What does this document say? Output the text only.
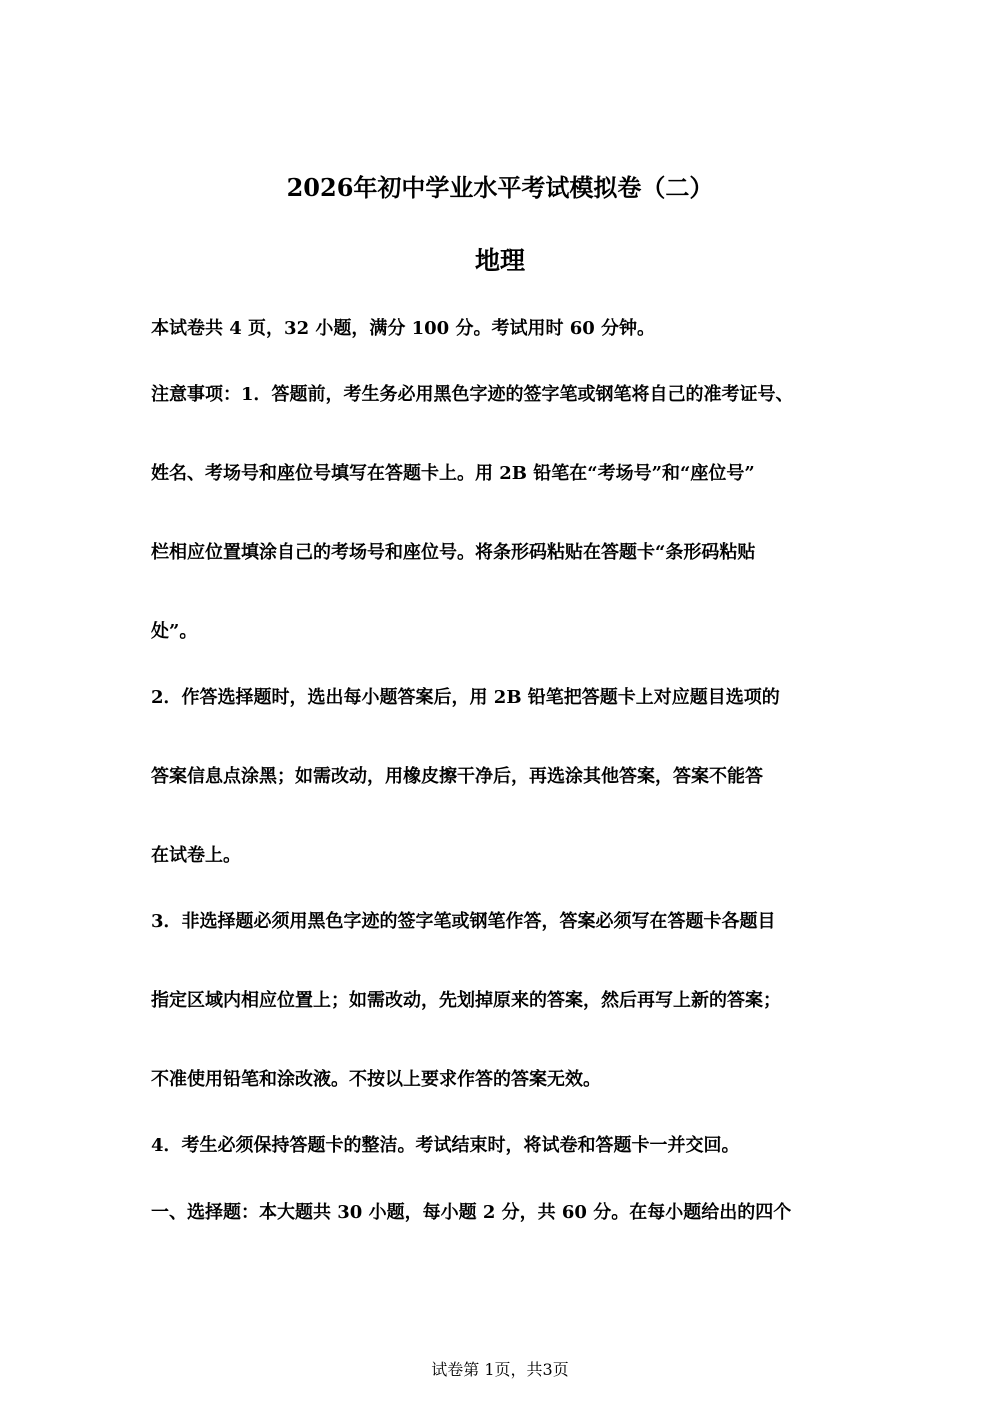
2026年初中学业水平考试模拟卷（二）
地理
本试卷共 4 页，32 小题，满分 100 分。考试用时 60 分钟。
注意事项：1．答题前，考生务必用黑色字迹的签字笔或钢笔将自己的准考证号、
姓名、考场号和座位号填写在答题卡上。用 2B 铅笔在“考场号”和“座位号”
栏相应位置填涂自己的考场号和座位号。将条形码粘贴在答题卡“条形码粘贴
处”。
2．作答选择题时，选出每小题答案后，用 2B 铅笔把答题卡上对应题目选项的
答案信息点涂黑；如需改动，用橡皮擦干净后，再选涂其他答案，答案不能答
在试卷上。
3．非选择题必须用黑色字迹的签字笔或钢笔作答，答案必须写在答题卡各题目
指定区域内相应位置上；如需改动，先划掉原来的答案，然后再写上新的答案；
不准使用铅笔和涂改液。不按以上要求作答的答案无效。
4．考生必须保持答题卡的整洁。考试结束时，将试卷和答题卡一并交回。
一、选择题：本大题共 30 小题，每小题 2 分，共 60 分。在每小题给出的四个
试卷第 1页，共3页
